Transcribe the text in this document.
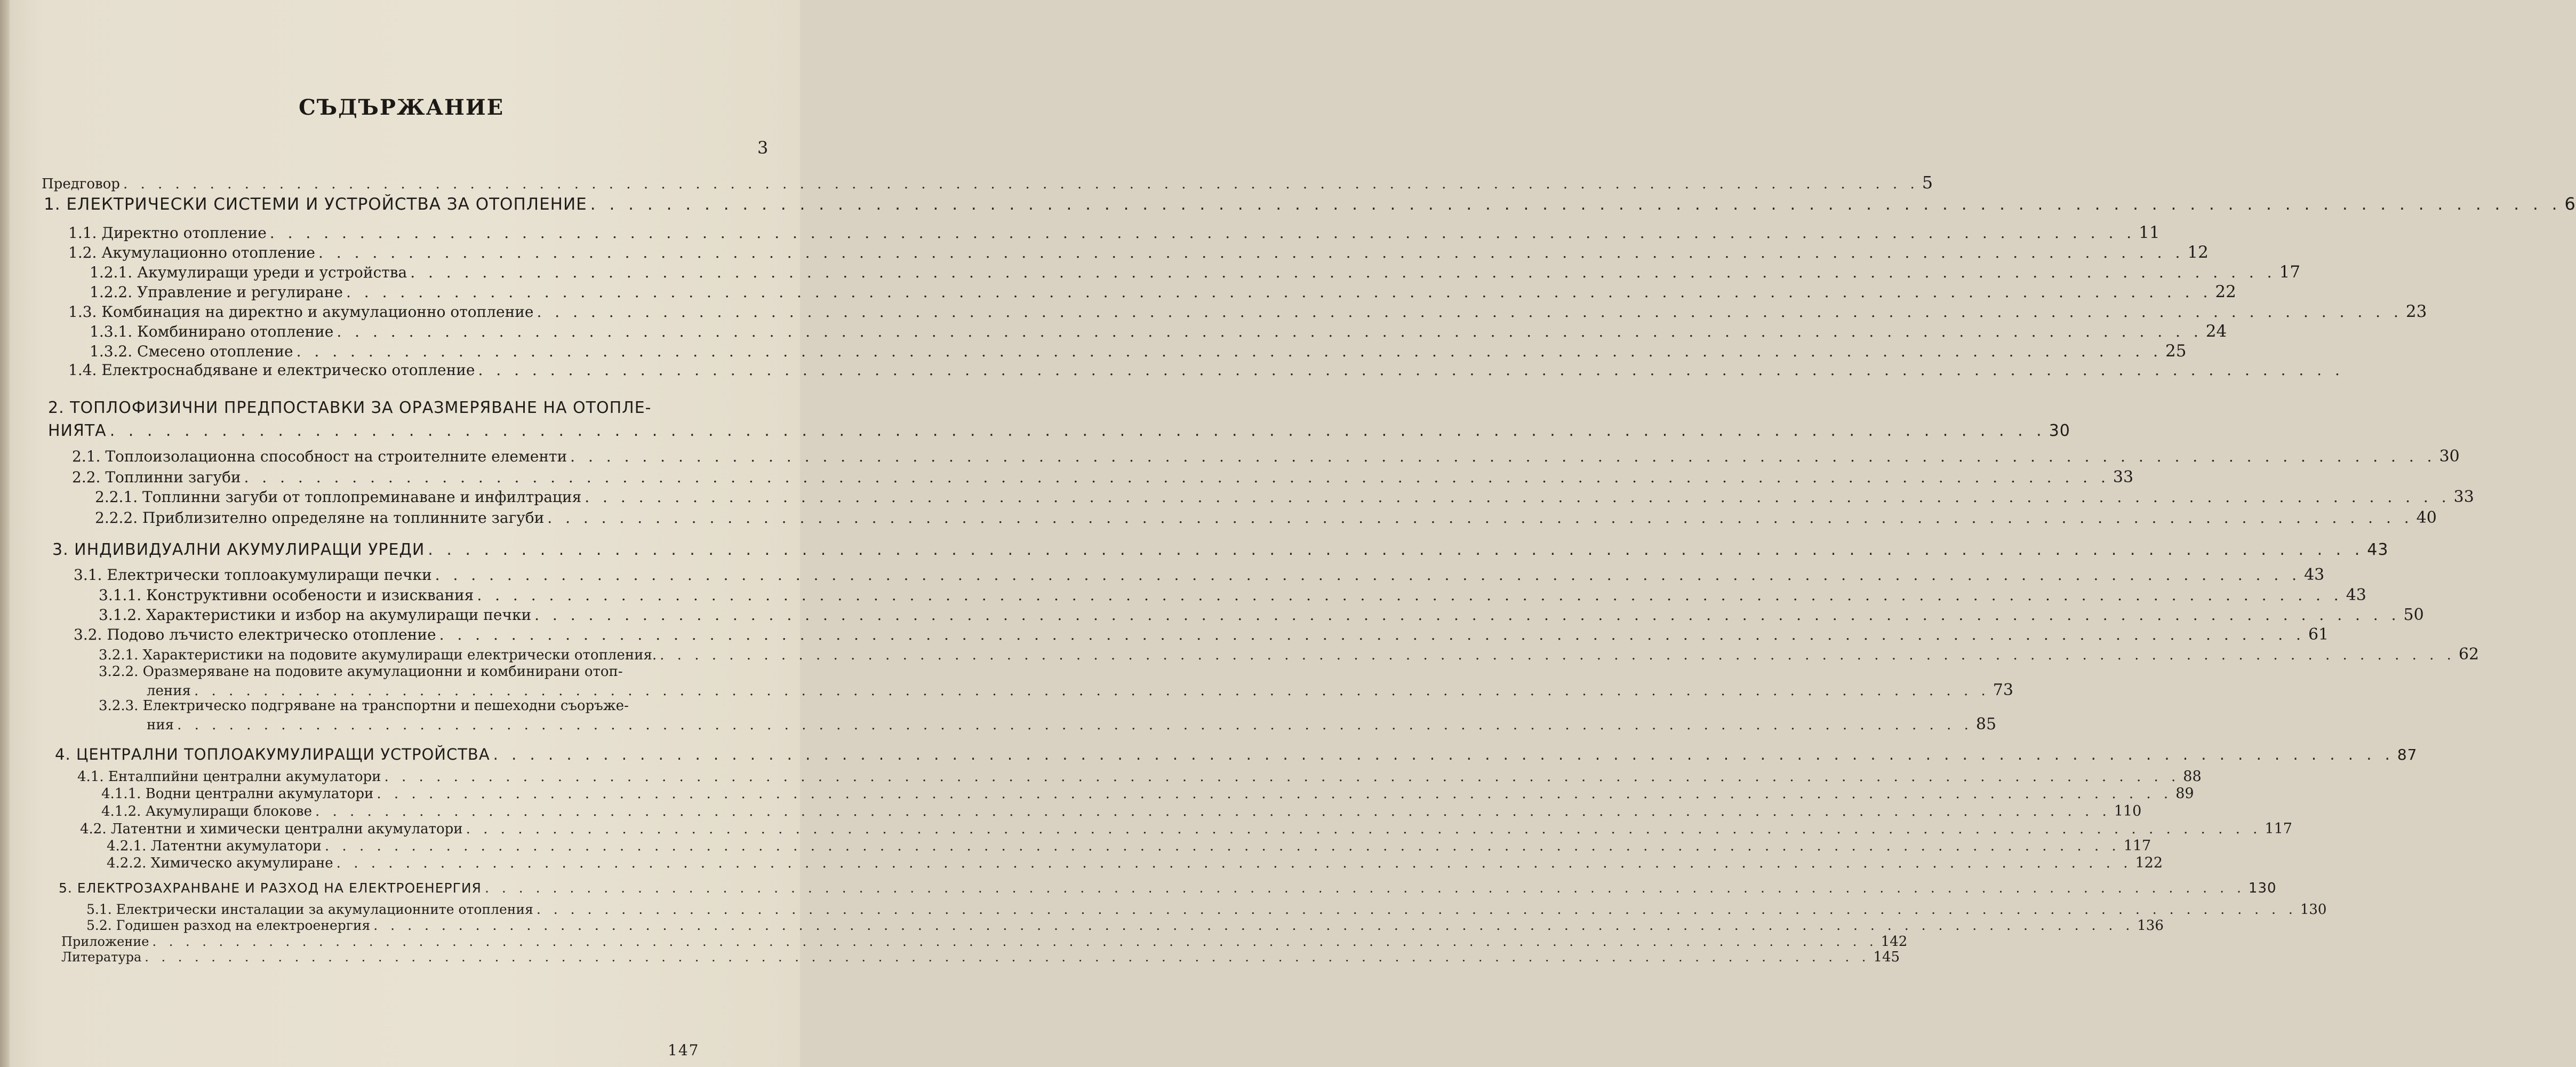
СЪДЪРЖАНИЕ
3
Предговор . . . . . . . . . . . . . . . . . . . . . . . . . . . . . . . . . . . . . . . . . . . . . . . . . . . . . . . . . . . . . . . . . . . . . . . . . . . . . . . . . . . . . . . . . . . . . . . . . . . . . . . . 5
1. ЕЛЕКТРИЧЕСКИ СИСТЕМИ И УСТРОЙСТВА ЗА ОТОПЛЕНИЕ . . . . . . . . . . . . . . . . . . . . . . . . . . . . . . . . . . . . . . . . . . . . . . . . . . . . . . . . . . . . . . . . . . . . . . . . . . . . . . . . . . . . . . . . . . . . . . . . . . . . . . . . 6
1.1. Директно отопление . . . . . . . . . . . . . . . . . . . . . . . . . . . . . . . . . . . . . . . . . . . . . . . . . . . . . . . . . . . . . . . . . . . . . . . . . . . . . . . . . . . . . . . . . . . . . . . . . . . . . . . . 11
1.2. Акумулационно отопление . . . . . . . . . . . . . . . . . . . . . . . . . . . . . . . . . . . . . . . . . . . . . . . . . . . . . . . . . . . . . . . . . . . . . . . . . . . . . . . . . . . . . . . . . . . . . . . . . . . . . . . . 12
1.2.1. Акумулиращи уреди и устройства . . . . . . . . . . . . . . . . . . . . . . . . . . . . . . . . . . . . . . . . . . . . . . . . . . . . . . . . . . . . . . . . . . . . . . . . . . . . . . . . . . . . . . . . . . . . . . . . . . . . . . . . 17
1.2.2. Управление и регулиране . . . . . . . . . . . . . . . . . . . . . . . . . . . . . . . . . . . . . . . . . . . . . . . . . . . . . . . . . . . . . . . . . . . . . . . . . . . . . . . . . . . . . . . . . . . . . . . . . . . . . . . . 22
1.3. Комбинация на директно и акумулационно отопление . . . . . . . . . . . . . . . . . . . . . . . . . . . . . . . . . . . . . . . . . . . . . . . . . . . . . . . . . . . . . . . . . . . . . . . . . . . . . . . . . . . . . . . . . . . . . . . . . . . . . . . . 23
1.3.1. Комбинирано отопление . . . . . . . . . . . . . . . . . . . . . . . . . . . . . . . . . . . . . . . . . . . . . . . . . . . . . . . . . . . . . . . . . . . . . . . . . . . . . . . . . . . . . . . . . . . . . . . . . . . . . . . . 24
1.3.2. Смесено отопление . . . . . . . . . . . . . . . . . . . . . . . . . . . . . . . . . . . . . . . . . . . . . . . . . . . . . . . . . . . . . . . . . . . . . . . . . . . . . . . . . . . . . . . . . . . . . . . . . . . . . . . . 25
1.4. Електроснабдяване и електрическо отопление . . . . . . . . . . . . . . . . . . . . . . . . . . . . . . . . . . . . . . . . . . . . . . . . . . . . . . . . . . . . . . . . . . . . . . . . . . . . . . . . . . . . . . . . . . . . . . . . . . . . . . . .
2. ТОПЛОФИЗИЧНИ ПРЕДПОСТАВКИ ЗА ОРАЗМЕРЯВАНЕ НА ОТОПЛЕ-
НИЯТА . . . . . . . . . . . . . . . . . . . . . . . . . . . . . . . . . . . . . . . . . . . . . . . . . . . . . . . . . . . . . . . . . . . . . . . . . . . . . . . . . . . . . . . . . . . . . . . . . . . . . . . . 30
2.1. Топлоизолационна способност на строителните елементи . . . . . . . . . . . . . . . . . . . . . . . . . . . . . . . . . . . . . . . . . . . . . . . . . . . . . . . . . . . . . . . . . . . . . . . . . . . . . . . . . . . . . . . . . . . . . . . . . . . . . . . . 30
2.2. Топлинни загуби . . . . . . . . . . . . . . . . . . . . . . . . . . . . . . . . . . . . . . . . . . . . . . . . . . . . . . . . . . . . . . . . . . . . . . . . . . . . . . . . . . . . . . . . . . . . . . . . . . . . . . . . 33
2.2.1. Топлинни загуби от топлопреминаване и инфилтрация . . . . . . . . . . . . . . . . . . . . . . . . . . . . . . . . . . . . . . . . . . . . . . . . . . . . . . . . . . . . . . . . . . . . . . . . . . . . . . . . . . . . . . . . . . . . . . . . . . . . . . . . 33
2.2.2. Приблизително определяне на топлинните загуби . . . . . . . . . . . . . . . . . . . . . . . . . . . . . . . . . . . . . . . . . . . . . . . . . . . . . . . . . . . . . . . . . . . . . . . . . . . . . . . . . . . . . . . . . . . . . . . . . . . . . . . . 40
3. ИНДИВИДУАЛНИ АКУМУЛИРАЩИ УРЕДИ . . . . . . . . . . . . . . . . . . . . . . . . . . . . . . . . . . . . . . . . . . . . . . . . . . . . . . . . . . . . . . . . . . . . . . . . . . . . . . . . . . . . . . . . . . . . . . . . . . . . . . . . 43
3.1. Електрически топлоакумулиращи печки . . . . . . . . . . . . . . . . . . . . . . . . . . . . . . . . . . . . . . . . . . . . . . . . . . . . . . . . . . . . . . . . . . . . . . . . . . . . . . . . . . . . . . . . . . . . . . . . . . . . . . . . 43
3.1.1. Конструктивни особености и изисквания . . . . . . . . . . . . . . . . . . . . . . . . . . . . . . . . . . . . . . . . . . . . . . . . . . . . . . . . . . . . . . . . . . . . . . . . . . . . . . . . . . . . . . . . . . . . . . . . . . . . . . . . 43
3.1.2. Характеристики и избор на акумулиращи печки . . . . . . . . . . . . . . . . . . . . . . . . . . . . . . . . . . . . . . . . . . . . . . . . . . . . . . . . . . . . . . . . . . . . . . . . . . . . . . . . . . . . . . . . . . . . . . . . . . . . . . . . 50
3.2. Подово лъчисто електрическо отопление . . . . . . . . . . . . . . . . . . . . . . . . . . . . . . . . . . . . . . . . . . . . . . . . . . . . . . . . . . . . . . . . . . . . . . . . . . . . . . . . . . . . . . . . . . . . . . . . . . . . . . . . 61
3.2.1. Характеристики на подовите акумулиращи електрически отопления. . . . . . . . . . . . . . . . . . . . . . . . . . . . . . . . . . . . . . . . . . . . . . . . . . . . . . . . . . . . . . . . . . . . . . . . . . . . . . . . . . . . . . . . . . . . . . . . . . . . . . . . . 62
3.2.2. Оразмеряване на подовите акумулационни и комбинирани отоп-
ления . . . . . . . . . . . . . . . . . . . . . . . . . . . . . . . . . . . . . . . . . . . . . . . . . . . . . . . . . . . . . . . . . . . . . . . . . . . . . . . . . . . . . . . . . . . . . . . . . . . . . . . . 73
3.2.3. Електрическо подгряване на транспортни и пешеходни съоръже-
ния . . . . . . . . . . . . . . . . . . . . . . . . . . . . . . . . . . . . . . . . . . . . . . . . . . . . . . . . . . . . . . . . . . . . . . . . . . . . . . . . . . . . . . . . . . . . . . . . . . . . . . . . 85
4. ЦЕНТРАЛНИ ТОПЛОАКУМУЛИРАЩИ УСТРОЙСТВА . . . . . . . . . . . . . . . . . . . . . . . . . . . . . . . . . . . . . . . . . . . . . . . . . . . . . . . . . . . . . . . . . . . . . . . . . . . . . . . . . . . . . . . . . . . . . . . . . . . . . . . . 87
4.1. Енталпийни централни акумулатори . . . . . . . . . . . . . . . . . . . . . . . . . . . . . . . . . . . . . . . . . . . . . . . . . . . . . . . . . . . . . . . . . . . . . . . . . . . . . . . . . . . . . . . . . . . . . . . . . . . . . . . . 88
4.1.1. Водни централни акумулатори . . . . . . . . . . . . . . . . . . . . . . . . . . . . . . . . . . . . . . . . . . . . . . . . . . . . . . . . . . . . . . . . . . . . . . . . . . . . . . . . . . . . . . . . . . . . . . . . . . . . . . . . 89
4.1.2. Акумулиращи блокове . . . . . . . . . . . . . . . . . . . . . . . . . . . . . . . . . . . . . . . . . . . . . . . . . . . . . . . . . . . . . . . . . . . . . . . . . . . . . . . . . . . . . . . . . . . . . . . . . . . . . . . . 110
4.2. Латентни и химически централни акумулатори . . . . . . . . . . . . . . . . . . . . . . . . . . . . . . . . . . . . . . . . . . . . . . . . . . . . . . . . . . . . . . . . . . . . . . . . . . . . . . . . . . . . . . . . . . . . . . . . . . . . . . . . 117
4.2.1. Латентни акумулатори . . . . . . . . . . . . . . . . . . . . . . . . . . . . . . . . . . . . . . . . . . . . . . . . . . . . . . . . . . . . . . . . . . . . . . . . . . . . . . . . . . . . . . . . . . . . . . . . . . . . . . . . 117
4.2.2. Химическо акумулиране . . . . . . . . . . . . . . . . . . . . . . . . . . . . . . . . . . . . . . . . . . . . . . . . . . . . . . . . . . . . . . . . . . . . . . . . . . . . . . . . . . . . . . . . . . . . . . . . . . . . . . . . 122
5. ЕЛЕКТРОЗАХРАНВАНЕ И РАЗХОД НА ЕЛЕКТРОЕНЕРГИЯ . . . . . . . . . . . . . . . . . . . . . . . . . . . . . . . . . . . . . . . . . . . . . . . . . . . . . . . . . . . . . . . . . . . . . . . . . . . . . . . . . . . . . . . . . . . . . . . . . . . . . . . . 130
5.1. Електрически инсталации за акумулационните отопления . . . . . . . . . . . . . . . . . . . . . . . . . . . . . . . . . . . . . . . . . . . . . . . . . . . . . . . . . . . . . . . . . . . . . . . . . . . . . . . . . . . . . . . . . . . . . . . . . . . . . . . . 130
5.2. Годишен разход на електроенергия . . . . . . . . . . . . . . . . . . . . . . . . . . . . . . . . . . . . . . . . . . . . . . . . . . . . . . . . . . . . . . . . . . . . . . . . . . . . . . . . . . . . . . . . . . . . . . . . . . . . . . . . 136
Приложение . . . . . . . . . . . . . . . . . . . . . . . . . . . . . . . . . . . . . . . . . . . . . . . . . . . . . . . . . . . . . . . . . . . . . . . . . . . . . . . . . . . . . . . . . . . . . . . . . . . . . . . . 142
Литература . . . . . . . . . . . . . . . . . . . . . . . . . . . . . . . . . . . . . . . . . . . . . . . . . . . . . . . . . . . . . . . . . . . . . . . . . . . . . . . . . . . . . . . . . . . . . . . . . . . . . . . . 145
147
